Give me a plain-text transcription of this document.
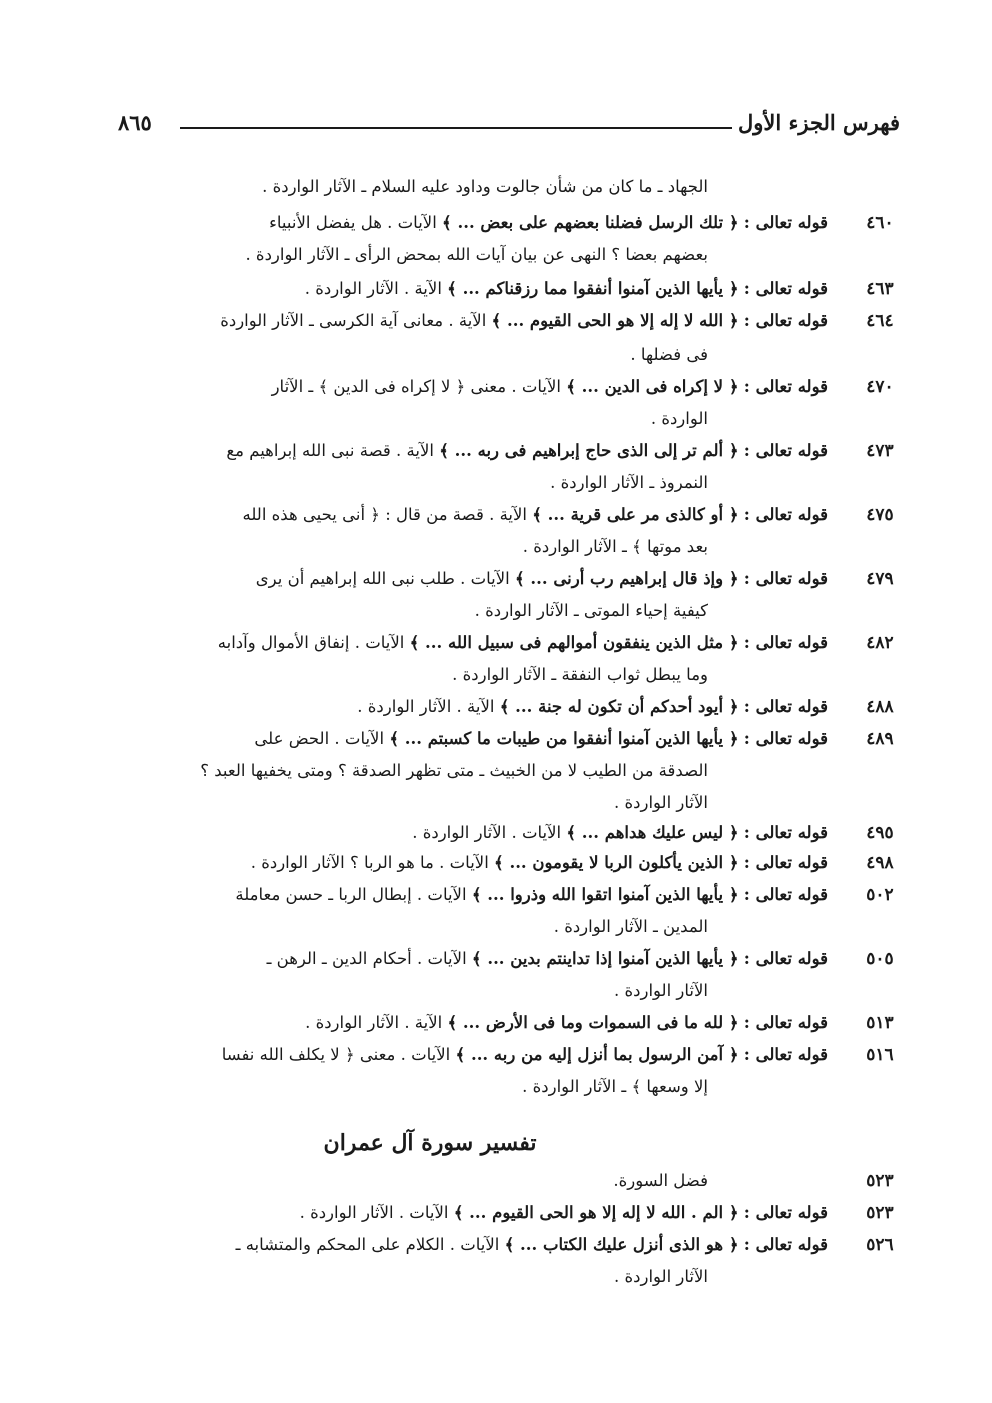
فهرس الجزء الأول
٨٦٥
الجهاد ـ ما كان من شأن جالوت وداود عليه السلام ـ الآثار الواردة .
٤٦٠
قوله تعالى : ﴿ تلك الرسل فضلنا بعضهم على بعض ... ﴾ الآيات . هل يفضل الأنبياء
بعضهم بعضا ؟ النهى عن بيان آيات الله بمحض الرأى ـ الآثار الواردة .
٤٦٣
قوله تعالى : ﴿ يأيها الذين آمنوا أنفقوا مما رزقناكم ... ﴾ الآية . الآثار الواردة .
٤٦٤
قوله تعالى : ﴿ الله لا إله إلا هو الحى القيوم ... ﴾ الآية . معانى آية الكرسى ـ الآثار الواردة
فى فضلها .
٤٧٠
قوله تعالى : ﴿ لا إكراه فى الدين ... ﴾ الآيات . معنى ﴿ لا إكراه فى الدين ﴾ ـ الآثار
الواردة .
٤٧٣
قوله تعالى : ﴿ ألم تر إلى الذى حاج إبراهيم فى ربه ... ﴾ الآية . قصة نبى الله إبراهيم مع
النمروذ ـ الآثار الواردة .
٤٧٥
قوله تعالى : ﴿ أو كالذى مر على قرية ... ﴾ الآية . قصة من قال : ﴿ أنى يحيى هذه الله
بعد موتها ﴾ ـ الآثار الواردة .
٤٧٩
قوله تعالى : ﴿ وإذ قال إبراهيم رب أرنى ... ﴾ الآيات . طلب نبى الله إبراهيم أن يرى
كيفية إحياء الموتى ـ الآثار الواردة .
٤٨٢
قوله تعالى : ﴿ مثل الذين ينفقون أموالهم فى سبيل الله ... ﴾ الآيات . إنفاق الأموال وآدابه
وما يبطل ثواب النفقة ـ الآثار الواردة .
٤٨٨
قوله تعالى : ﴿ أيود أحدكم أن تكون له جنة ... ﴾ الآية . الآثار الواردة .
٤٨٩
قوله تعالى : ﴿ يأيها الذين آمنوا أنفقوا من طيبات ما كسبتم ... ﴾ الآيات . الحض على
الصدقة من الطيب لا من الخبيث ـ متى تظهر الصدقة ؟ ومتى يخفيها العبد ؟
الآثار الواردة .
٤٩٥
قوله تعالى : ﴿ ليس عليك هداهم ... ﴾ الآيات . الآثار الواردة .
٤٩٨
قوله تعالى : ﴿ الذين يأكلون الربا لا يقومون ... ﴾ الآيات . ما هو الربا ؟ الآثار الواردة .
٥٠٢
قوله تعالى : ﴿ يأيها الذين آمنوا اتقوا الله وذروا ... ﴾ الآيات . إبطال الربا ـ حسن معاملة
المدين ـ الآثار الواردة .
٥٠٥
قوله تعالى : ﴿ يأيها الذين آمنوا إذا تداينتم بدين ... ﴾ الآيات . أحكام الدين ـ الرهن ـ
الآثار الواردة .
٥١٣
قوله تعالى : ﴿ لله ما فى السموات وما فى الأرض ... ﴾ الآية . الآثار الواردة .
٥١٦
قوله تعالى : ﴿ آمن الرسول بما أنزل إليه من ربه ... ﴾ الآيات . معنى ﴿ لا يكلف الله نفسا
إلا وسعها ﴾ ـ الآثار الواردة .
٥٢٣
فضل السورة.
٥٢٣
قوله تعالى : ﴿ الم . الله لا إله إلا هو الحى القيوم ... ﴾ الآيات . الآثار الواردة .
٥٢٦
قوله تعالى : ﴿ هو الذى أنزل عليك الكتاب ... ﴾ الآيات . الكلام على المحكم والمتشابه ـ
الآثار الواردة .
تفسير سورة آل عمران
